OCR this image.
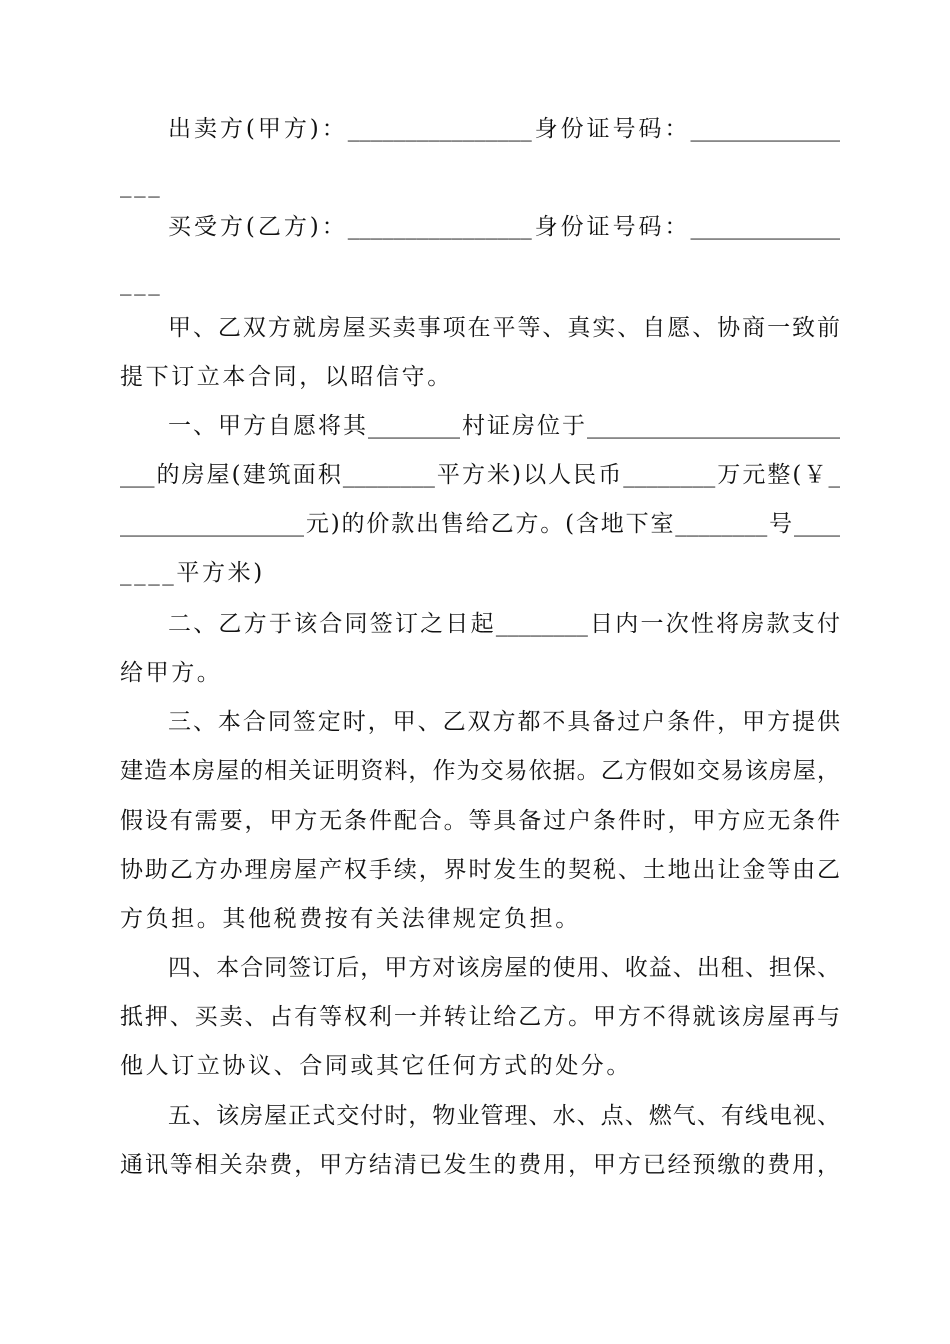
出卖方(甲方)：________________身份证号码：_____________
___
买受方(乙方)：________________身份证号码：_____________
___
甲、乙双方就房屋买卖事项在平等、真实、自愿、协商一致前
提下订立本合同，以昭信守。
一、甲方自愿将其________村证房位于______________________
___的房屋(建筑面积________平方米)以人民币________万元整(￥_
________________元)的价款出售给乙方。(含地下室________号____
____平方米)
二、乙方于该合同签订之日起________日内一次性将房款支付
给甲方。
三、本合同签定时，甲、乙双方都不具备过户条件，甲方提供
建造本房屋的相关证明资料，作为交易依据。乙方假如交易该房屋，
假设有需要，甲方无条件配合。等具备过户条件时，甲方应无条件
协助乙方办理房屋产权手续，界时发生的契税、土地出让金等由乙
方负担。其他税费按有关法律规定负担。
四、本合同签订后，甲方对该房屋的使用、收益、出租、担保、
抵押、买卖、占有等权利一并转让给乙方。甲方不得就该房屋再与
他人订立协议、合同或其它任何方式的处分。
五、该房屋正式交付时，物业管理、水、点、燃气、有线电视、
通讯等相关杂费，甲方结清已发生的费用，甲方已经预缴的费用，
